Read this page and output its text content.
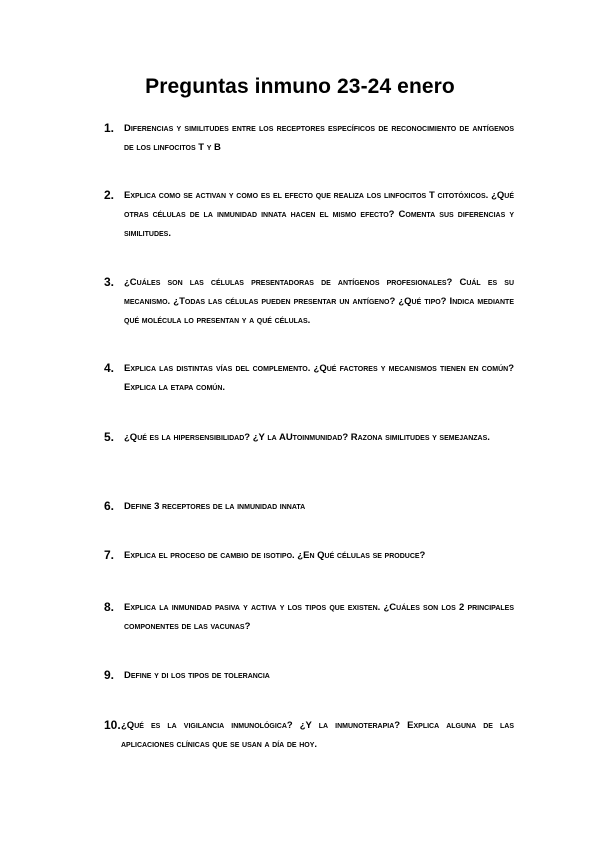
Preguntas inmuno 23-24 enero
1.	Diferencias y similitudes entre los receptores específicos de reconocimiento de antígenos de los linfocitos T y B
2.	Explica como se activan y como es el efecto que realiza los linfocitos T citotóxicos. ¿Qué otras células de la inmunidad innata hacen el mismo efecto? Comenta sus diferencias y similitudes.
3.	¿Cuáles son las células presentadoras de antígenos profesionales? Cuál es su mecanismo. ¿Todas las células pueden presentar un antígeno? ¿Qué tipo? Indica mediante qué molécula lo presentan y a qué células.
4.	Explica las distintas vías del complemento. ¿Qué factores y mecanismos tienen en común? Explica la etapa común.
5.	¿Qué es la hipersensibilidad? ¿Y la AUtoinmunidad? Razona similitudes y semejanzas.
6.	Define 3 receptores de la inmunidad innata
7.	Explica el proceso de cambio de isotipo. ¿En Qué células se produce?
8.	Explica la inmunidad pasiva y activa y los tipos que existen. ¿Cuáles son los 2 principales componentes de las vacunas?
9.	Define y di los tipos de tolerancia
10. ¿Qué es la vigilancia inmunológica? ¿Y la inmunoterapia? Explica alguna de las aplicaciones clínicas que se usan a día de hoy.
